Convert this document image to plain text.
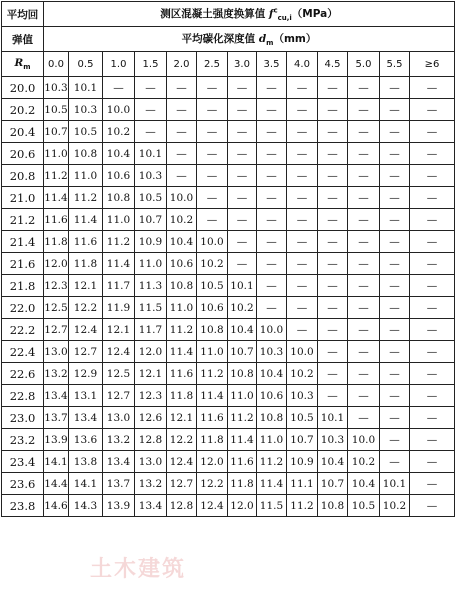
平均回	测区混凝土强度换算值 $f^c_{cu,i}(MPa)$												
弹值	平均碳化深度值 $d_m(mm)$												
$R_m$	0.0	0.5	1.0	1.5	2.0	2.5	3.0	3.5	4.0	4.5	5.0	5.5	≥6
20.0	10.3	10.1	—	—	—	—	—	—	—	—	—	—	—
20.2	10.5	10.3	10.0	—	—	—	—	—	—	—	—	—	—
20.4	10.7	10.5	10.2	—	—	—	—	—	—	—	—	—	—
20.6	11.0	10.8	10.4	10.1	—	—	—	—	—	—	—	—	—
20.8	11.2	11.0	10.6	10.3	—	—	—	—	—	—	—	—	—
21.0	11.4	11.2	10.8	10.5	10.0	—	—	—	—	—	—	—	—
21.2	11.6	11.4	11.0	10.7	10.2	—	—	—	—	—	—	—	—
21.4	11.8	11.6	11.2	10.9	10.4	10.0	—	—	—	—	—	—	—
21.6	12.0	11.8	11.4	11.0	10.6	10.2	—	—	—	—	—	—	—
21.8	12.3	12.1	11.7	11.3	10.8	10.5	10.1	—	—	—	—	—	—
22.0	12.5	12.2	11.9	11.5	11.0	10.6	10.2	—	—	—	—	—	—
22.2	12.7	12.4	12.1	11.7	11.2	10.8	10.4	10.0	—	—	—	—	—
22.4	13.0	12.7	12.4	12.0	11.4	11.0	10.7	10.3	10.0	—	—	—	—
22.6	13.2	12.9	12.5	12.1	11.6	11.2	10.8	10.4	10.2	—	—	—	—
22.8	13.4	13.1	12.7	12.3	11.8	11.4	11.0	10.6	10.3	—	—	—	—
23.0	13.7	13.4	13.0	12.6	12.1	11.6	11.2	10.8	10.5	10.1	—	—	—
23.2	13.9	13.6	13.2	12.8	12.2	11.8	11.4	11.0	10.7	10.3	10.0	—	—
23.4	14.1	13.8	13.4	13.0	12.4	12.0	11.6	11.2	10.9	10.4	10.2	—	—
23.6	14.4	14.1	13.7	13.2	12.7	12.2	11.8	11.4	11.1	10.7	10.4	10.1	—
23.8	14.6	14.3	13.9	13.4	12.8	12.4	12.0	11.5	11.2	10.8	10.5	10.2	—
土木建筑
